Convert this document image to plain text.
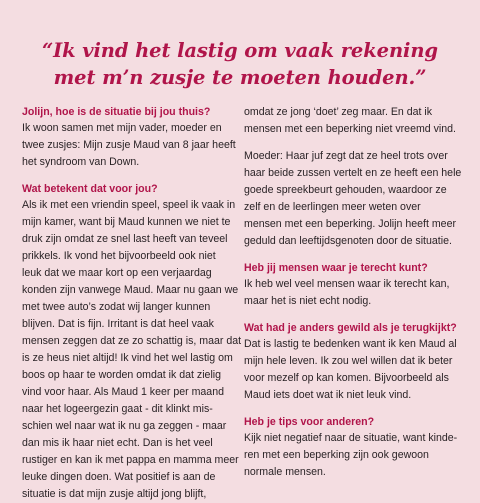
“Ik vind het lastig om vaak rekening
met m’n zusje te moeten houden.”

Jolijn, hoe is de situatie bij jou thuis?

Ik woon samen met mijn vader, moeder en
twee zusjes: Mijn zusje Maud van 8 jaar heeft
het syndroom van Down.

Wat betekent dat voor jou?

Als ik met een vriendin speel, speel ik vaak in
mijn kamer, want bij Maud kunnen we niet te
druk zijn omdat ze snel last heeft van teveel
prikkels. Ik vond het bijvoorbeeld ook niet
leuk dat we maar kort op een verjaardag
konden zijn vanwege Maud. Maar nu gaan we
met twee auto’s zodat wij langer kunnen
blijven. Dat is fijn. Irritant is dat heel vaak
mensen zeggen dat ze zo schattig is, maar dat
is ze heus niet altijd! Ik vind het wel lastig om
boos op haar te worden omdat ik dat zielig
vind voor haar. Als Maud 1 keer per maand
naar het logeergezin gaat - dit klinkt mis-
schien wel naar wat ik nu ga zeggen - maar
dan mis ik haar niet echt. Dan is het veel
rustiger en kan ik met pappa en mamma meer
leuke dingen doen. Wat positief is aan de
situatie is dat mijn zusje altijd jong blijft,

omdat ze jong ‘doet’ zeg maar. En dat ik
mensen met een beperking niet vreemd vind.

Moeder: Haar juf zegt dat ze heel trots over
haar beide zussen vertelt en ze heeft een hele
goede spreekbeurt gehouden, waardoor ze
zelf en de leerlingen meer weten over
mensen met een beperking. Jolijn heeft meer
geduld dan leeftijdsgenoten door de situatie.

Heb jij mensen waar je terecht kunt?

Ik heb wel veel mensen waar ik terecht kan,
maar het is niet echt nodig.

Wat had je anders gewild als je terugkijkt?

Dat is lastig te bedenken want ik ken Maud al
mijn hele leven. Ik zou wel willen dat ik beter
voor mezelf op kan komen. Bijvoorbeeld als
Maud iets doet wat ik niet leuk vind.

Heb je tips voor anderen?

Kijk niet negatief naar de situatie, want kinde-
ren met een beperking zijn ook gewoon
normale mensen.
